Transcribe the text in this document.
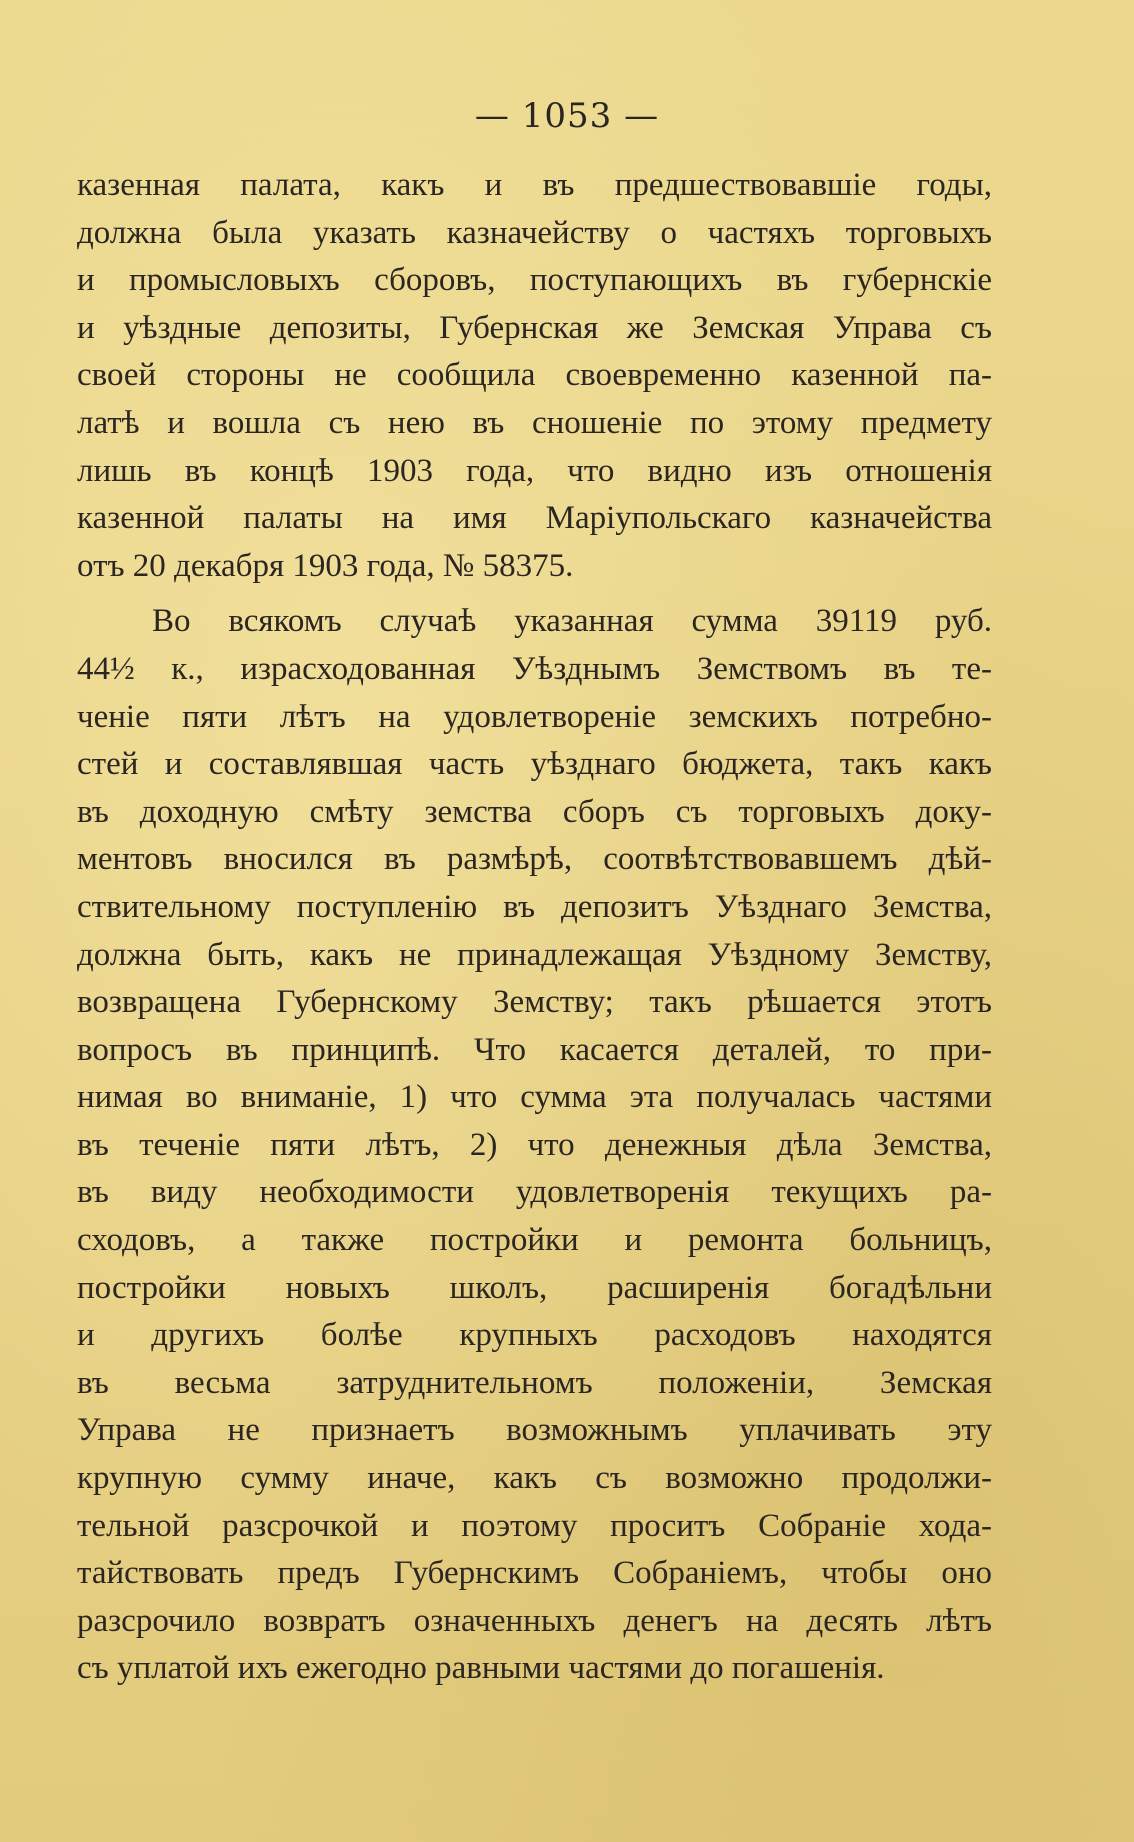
— 1053 —
казенная палата, какъ и въ предшествовавшіе годы,
должна была указать казначейству о частяхъ торговыхъ
и промысловыхъ сборовъ, поступающихъ въ губернскіе
и уѣздные депозиты, Губернская же Земская Управа съ
своей стороны не сообщила своевременно казенной па-
латѣ и вошла съ нею въ сношеніе по этому предмету
лишь въ концѣ 1903 года, что видно изъ отношенія
казенной палаты на имя Маріупольскаго казначейства
отъ 20 декабря 1903 года, № 58375.
Во всякомъ случаѣ указанная сумма 39119 руб.
44½ к., израсходованная Уѣзднымъ Земствомъ въ те-
ченіе пяти лѣтъ на удовлетвореніе земскихъ потребно-
стей и составлявшая часть уѣзднаго бюджета, такъ какъ
въ доходную смѣту земства сборъ съ торговыхъ доку-
ментовъ вносился въ размѣрѣ, соотвѣтствовавшемъ дѣй-
ствительному поступленію въ депозитъ Уѣзднаго Земства,
должна быть, какъ не принадлежащая Уѣздному Земству,
возвращена Губернскому Земству; такъ рѣшается этотъ
вопросъ въ принципѣ. Что касается деталей, то при-
нимая во вниманіе, 1) что сумма эта получалась частями
въ теченіе пяти лѣтъ, 2) что денежныя дѣла Земства,
въ виду необходимости удовлетворенія текущихъ ра-
сходовъ, а также постройки и ремонта больницъ,
постройки новыхъ школъ, расширенія богадѣльни
и другихъ болѣе крупныхъ расходовъ находятся
въ весьма затруднительномъ положеніи, Земская
Управа не признаетъ возможнымъ уплачивать эту
крупную сумму иначе, какъ съ возможно продолжи-
тельной разсрочкой и поэтому проситъ Собраніе хода-
тайствовать предъ Губернскимъ Собраніемъ, чтобы оно
разсрочило возвратъ означенныхъ денегъ на десять лѣтъ
съ уплатой ихъ ежегодно равными частями до погашенія.
